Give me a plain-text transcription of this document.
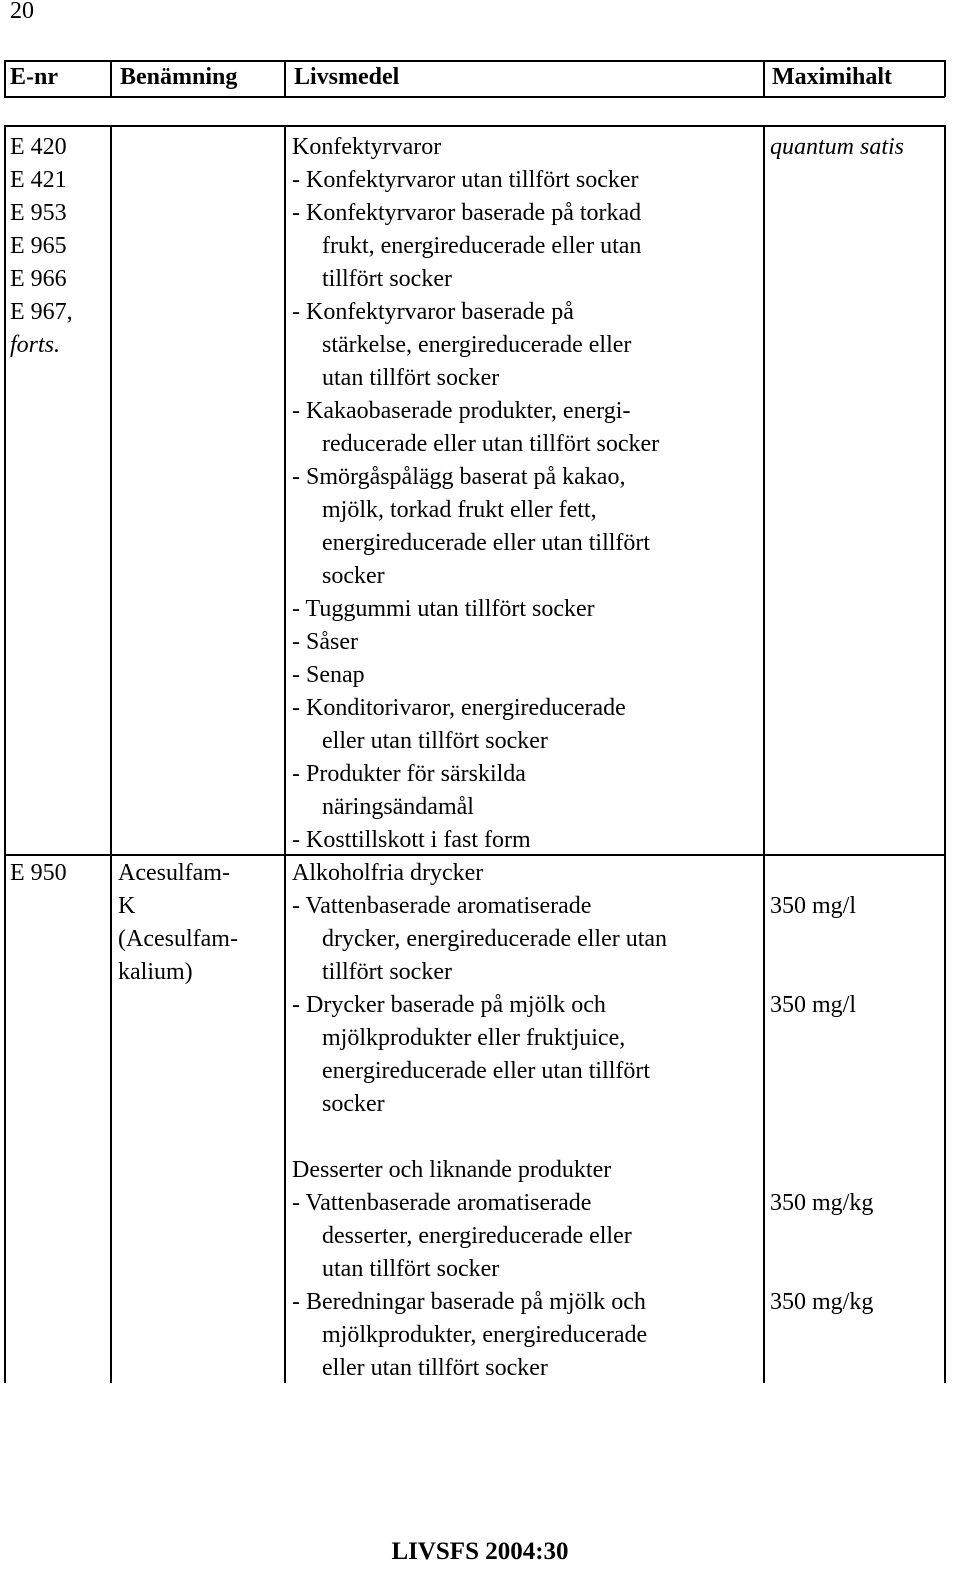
20
E-nr	Benämning Livsmedel	Maximihalt
E 420
E 421
E 953
E 965
E 966
E 967,
forts.
Konfektyrvaror
- Konfektyrvaror utan tillfört socker
- Konfektyrvaror baserade på torkad
frukt, energireducerade eller utan
tillfört socker
- Konfektyrvaror baserade på
stärkelse, energireducerade eller
utan tillfört socker
- Kakaobaserade produkter, energi-
reducerade eller utan tillfört socker
- Smörgåspålägg baserat på kakao,
mjölk, torkad frukt eller fett,
energireducerade eller utan tillfört
socker
- Tuggummi utan tillfört socker
- Såser
- Senap
- Konditorivaror, energireducerade
eller utan tillfört socker
- Produkter för särskilda
näringsändamål
- Kosttillskott i fast form
quantum satis
E 950 Acesulfam-
K
(Acesulfam-
kalium)
Alkoholfria drycker
- Vattenbaserade aromatiserade
drycker, energireducerade eller utan
tillfört socker
- Drycker baserade på mjölk och
mjölkprodukter eller fruktjuice,
energireducerade eller utan tillfört
socker
Desserter och liknande produkter
- Vattenbaserade aromatiserade
desserter, energireducerade eller
utan tillfört socker
- Beredningar baserade på mjölk och
mjölkprodukter, energireducerade
eller utan tillfört socker
350 mg/l
350 mg/l
350 mg/kg
350 mg/kg
LIVSFS 2004:30
